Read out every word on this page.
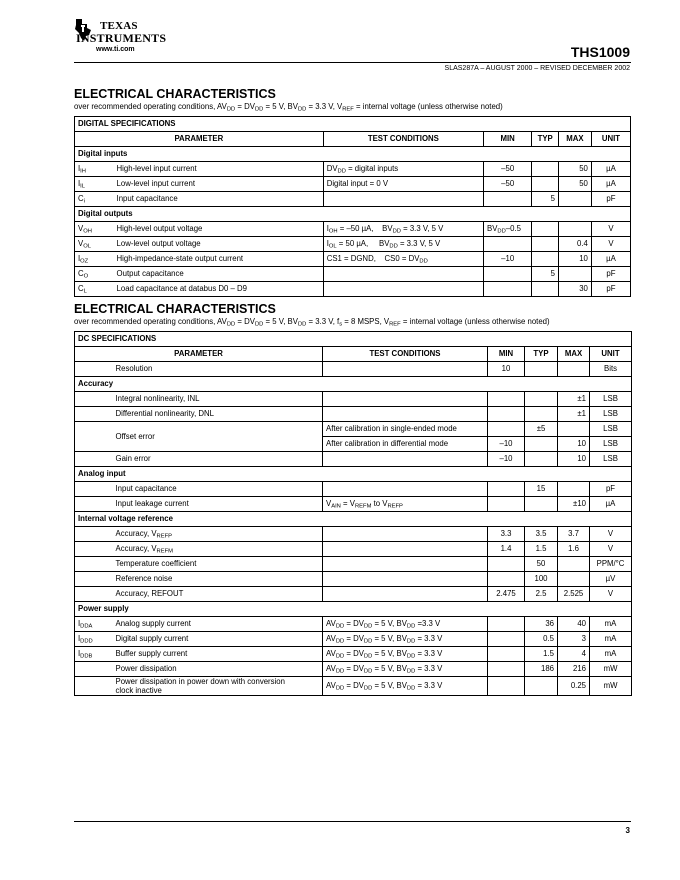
TEXAS
INSTRUMENTS
www.ti.com	THS1009
SLAS287A – AUGUST 2000 – REVISED DECEMBER 2002
ELECTRICAL CHARACTERISTICS
over recommended operating conditions, $AV_{DD} = DV_{DD} = 5$ V, $BV_{DD} = 3.3$ V, $V_{REF}$ = internal voltage (unless otherwise noted)
DIGITAL SPECIFICATIONS						
PARAMETER		TEST CONDITIONS	MIN	TYP	MAX	UNIT
Digital inputs						
$I_{IH}$	High-level input current	$DV_{DD}$ = digital inputs	–50		50	µA
$I_{IL}$	Low-level input current	Digital input = 0 V	–50		50	µA
$C_i$	Input capacitance			5		pF
Digital outputs						
$V_{OH}$	High-level output voltage	$I_{OH} = -50$ µA,    $BV_{DD} = 3.3$ V, 5 V	$BV_{DD}-0.5$			V
$V_{OL}$	Low-level output voltage	$I_{OL} = 50$ µA,     $BV_{DD} = 3.3$ V, 5 V			0.4	V
$I_{OZ}$	High-impedance-state output current	CS1 = DGND,    $CS0 = DV_{DD}$	–10		10	µA
$C_O$	Output capacitance			5		pF
$C_L$	Load capacitance at databus D0 – D9				30	pF
ELECTRICAL CHARACTERISTICS
over recommended operating conditions, $AV_{DD} = DV_{DD} = 5$ V, $BV_{DD} = 3.3$ V, $f_s = 8$ MSPS, $V_{REF}$ = internal voltage (unless otherwise noted)
DC SPECIFICATIONS						
PARAMETER		TEST CONDITIONS	MIN	TYP	MAX	UNIT
	Resolution		10			Bits
Accuracy						
	Integral nonlinearity, INL				±1	LSB
	Differential nonlinearity, DNL				±1	LSB
	Offset error	After calibration in single-ended mode		±5		LSB
		After calibration in differential mode	–10		10	LSB
	Gain error		–10		10	LSB
Analog input						
	Input capacitance			15		pF
	Input leakage current	$V_{AIN} = V_{REFM}$ to $V_{REFP}$			±10	µA
Internal voltage reference						
	Accuracy, $V_{REFP}$		3.3	3.5	3.7	V
	Accuracy, $V_{REFM}$		1.4	1.5	1.6	V
	Temperature coefficient			50		PPM/°C
	Reference noise			100		µV
	Accuracy, REFOUT		2.475	2.5	2.525	V
Power supply						
$I_{DDA}$	Analog supply current	$AV_{DD} = DV_{DD} = 5$ V, $BV_{DD} =3.3$ V		36	40	mA
$I_{DDD}$	Digital supply current	$AV_{DD} = DV_{DD} = 5$ V, $BV_{DD} = 3.3$ V		0.5	3	mA
$I_{DDB}$	Buffer supply current	$AV_{DD} = DV_{DD} = 5$ V, $BV_{DD} = 3.3$ V		1.5	4	mA
	Power dissipation	$AV_{DD} = DV_{DD} = 5$ V, $BV_{DD} = 3.3$ V		186	216	mW
	Power dissipation in power down with conversion
clock inactive	$AV_{DD} = DV_{DD} = 5$ V, $BV_{DD} = 3.3$ V			0.25	mW
3
